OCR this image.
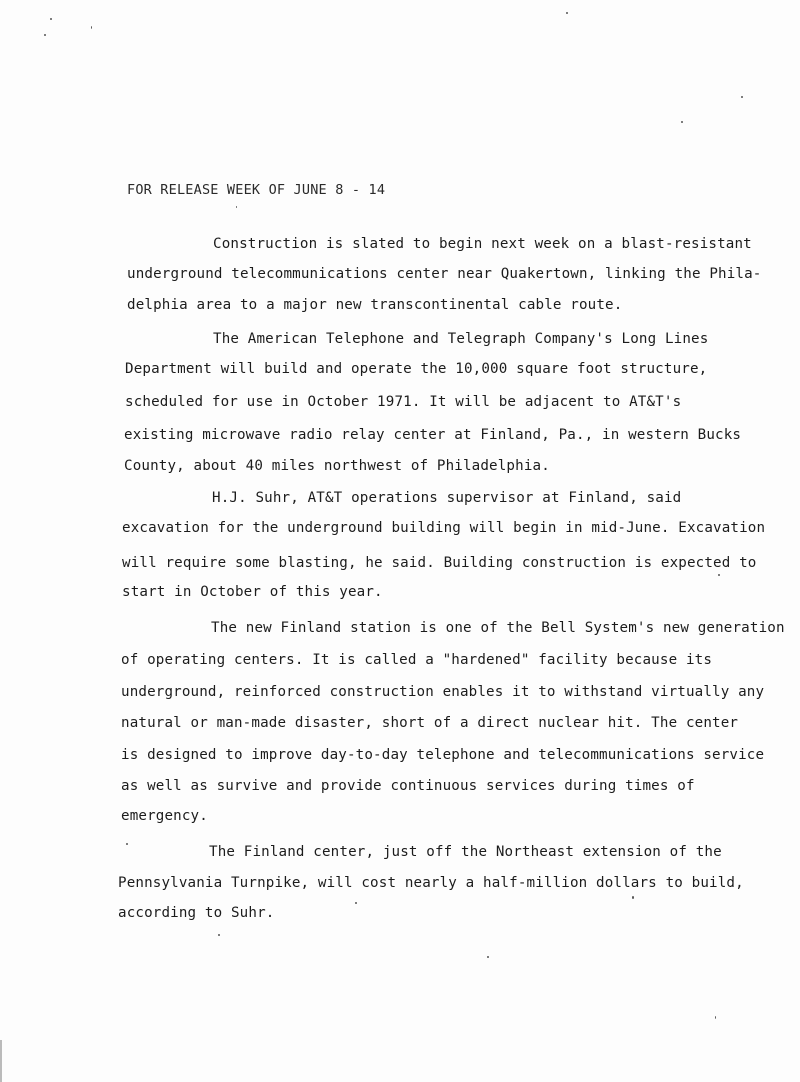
FOR RELEASE WEEK OF JUNE 8 - 14
Construction is slated to begin next week on a blast-resistant
underground telecommunications center near Quakertown, linking the Phila-
delphia area to a major new transcontinental cable route.
The American Telephone and Telegraph Company's Long Lines
Department will build and operate the 10,000 square foot structure,
scheduled for use in October 1971. It will be adjacent to AT&T's
existing microwave radio relay center at Finland, Pa., in western Bucks
County, about 40 miles northwest of Philadelphia.
H.J. Suhr, AT&T operations supervisor at Finland, said
excavation for the underground building will begin in mid-June. Excavation
will require some blasting, he said. Building construction is expected to
start in October of this year.
The new Finland station is one of the Bell System's new generation
of operating centers. It is called a "hardened" facility because its
underground, reinforced construction enables it to withstand virtually any
natural or man-made disaster, short of a direct nuclear hit. The center
is designed to improve day-to-day telephone and telecommunications service
as well as survive and provide continuous services during times of
emergency.
The Finland center, just off the Northeast extension of the
Pennsylvania Turnpike, will cost nearly a half-million dollars to build,
according to Suhr.
